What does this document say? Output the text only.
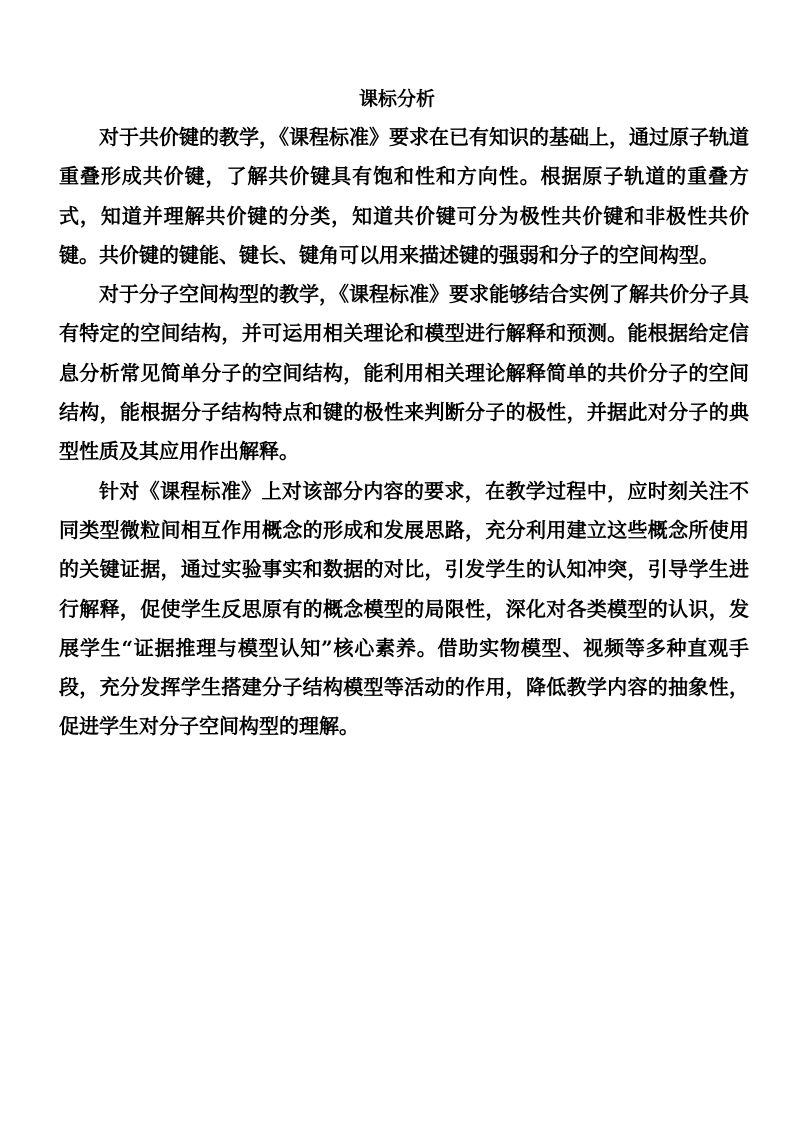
课标分析

对于共价键的教学，《课程标准》要求在已有知识的基础上，通过原子轨道重叠形成共价键，了解共价键具有饱和性和方向性。根据原子轨道的重叠方式，知道并理解共价键的分类，知道共价键可分为极性共价键和非极性共价键。共价键的键能、键长、键角可以用来描述键的强弱和分子的空间构型。

对于分子空间构型的教学，《课程标准》要求能够结合实例了解共价分子具有特定的空间结构，并可运用相关理论和模型进行解释和预测。能根据给定信息分析常见简单分子的空间结构，能利用相关理论解释简单的共价分子的空间结构，能根据分子结构特点和键的极性来判断分子的极性，并据此对分子的典型性质及其应用作出解释。

针对《课程标准》上对该部分内容的要求，在教学过程中，应时刻关注不同类型微粒间相互作用概念的形成和发展思路，充分利用建立这些概念所使用的关键证据，通过实验事实和数据的对比，引发学生的认知冲突，引导学生进行解释，促使学生反思原有的概念模型的局限性，深化对各类模型的认识，发展学生“证据推理与模型认知”核心素养。借助实物模型、视频等多种直观手段，充分发挥学生搭建分子结构模型等活动的作用，降低教学内容的抽象性，促进学生对分子空间构型的理解。
